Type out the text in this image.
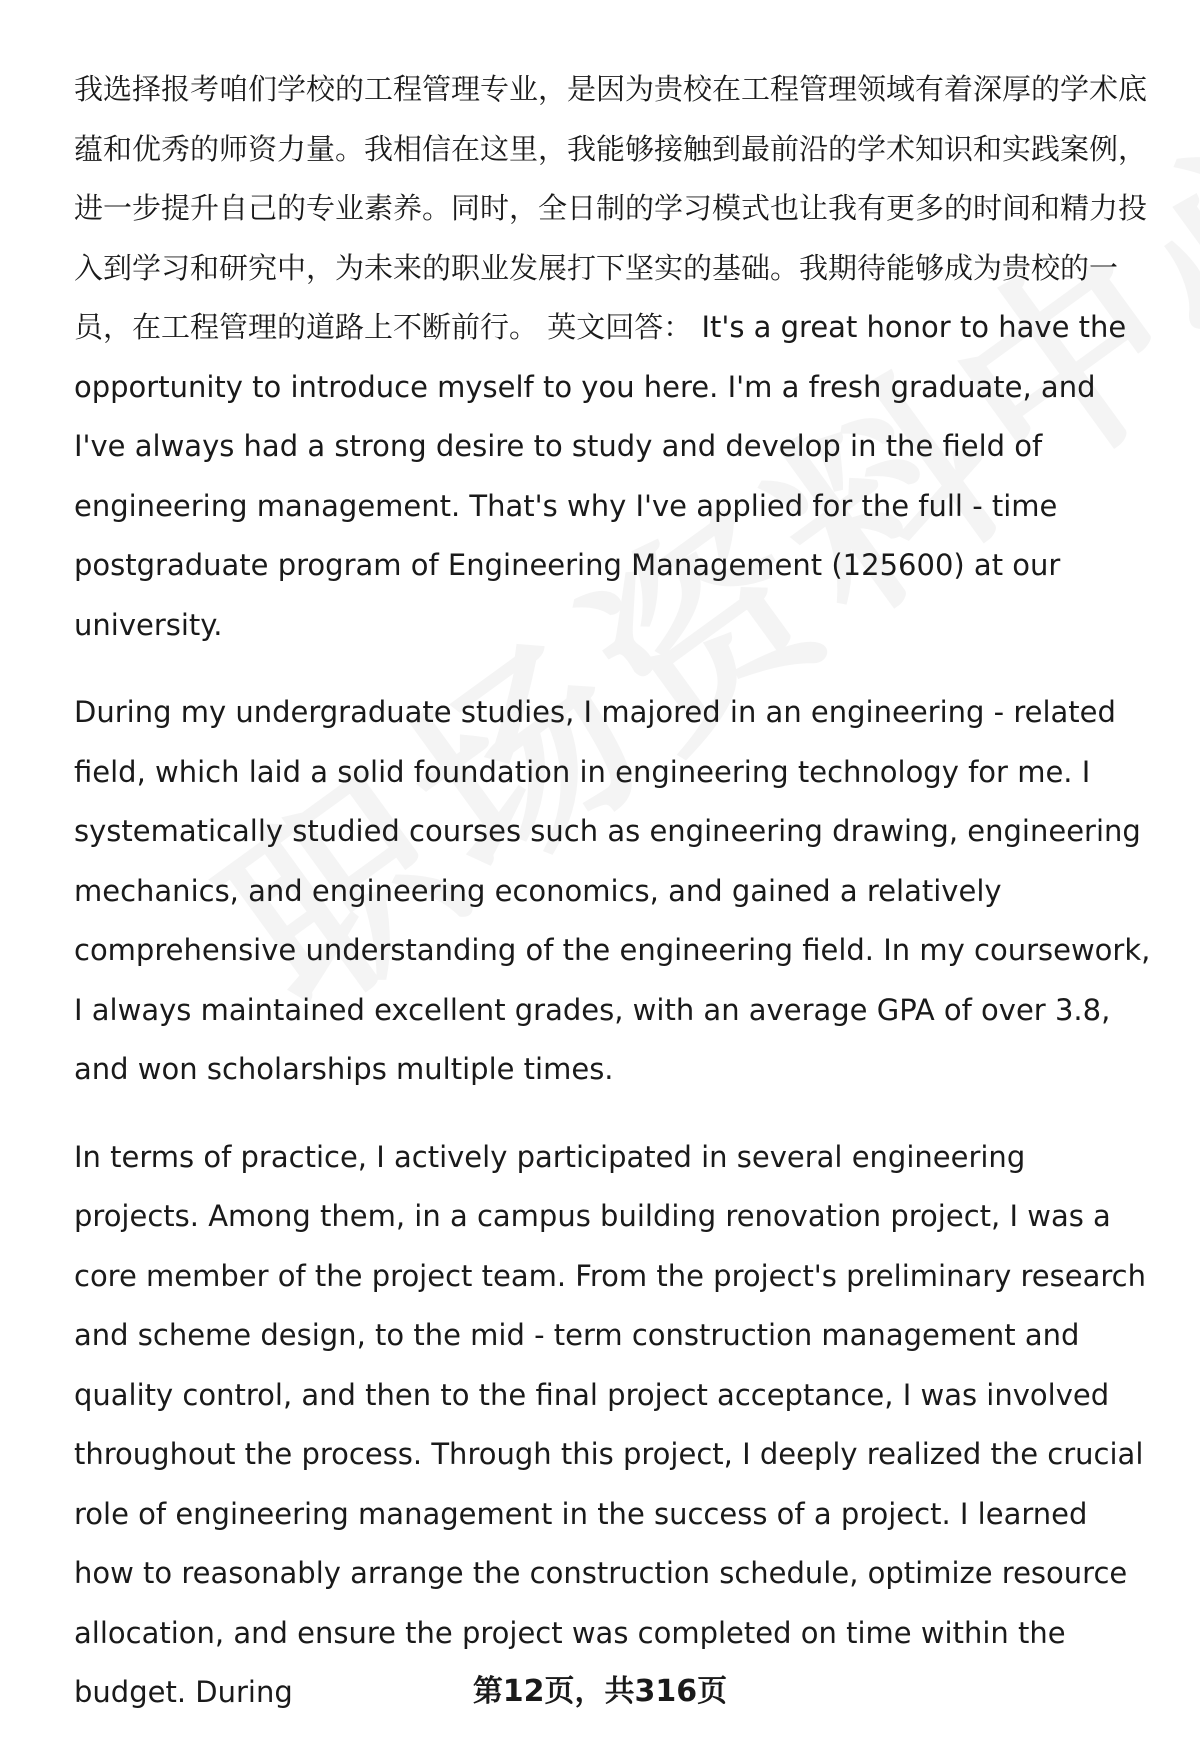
我选择报考咱们学校的工程管理专业，是因为贵校在工程管理领域有着深厚的学术底蕴和优秀的师资力量。我相信在这里，我能够接触到最前沿的学术知识和实践案例，进一步提升自己的专业素养。同时，全日制的学习模式也让我有更多的时间和精力投入到学习和研究中，为未来的职业发展打下坚实的基础。我期待能够成为贵校的一员，在工程管理的道路上不断前行。 英文回答： It's a great honor to have the opportunity to introduce myself to you here. I'm a fresh graduate, and I've always had a strong desire to study and develop in the field of engineering management. That's why I've applied for the full - time postgraduate program of Engineering Management (125600) at our university.

During my undergraduate studies, I majored in an engineering - related field, which laid a solid foundation in engineering technology for me. I systematically studied courses such as engineering drawing, engineering mechanics, and engineering economics, and gained a relatively comprehensive understanding of the engineering field. In my coursework, I always maintained excellent grades, with an average GPA of over 3.8, and won scholarships multiple times.

In terms of practice, I actively participated in several engineering projects. Among them, in a campus building renovation project, I was a core member of the project team. From the project's preliminary research and scheme design, to the mid - term construction management and quality control, and then to the final project acceptance, I was involved throughout the process. Through this project, I deeply realized the crucial role of engineering management in the success of a project. I learned how to reasonably arrange the construction schedule, optimize resource allocation, and ensure the project was completed on time within the budget. During	第12页，共316页
